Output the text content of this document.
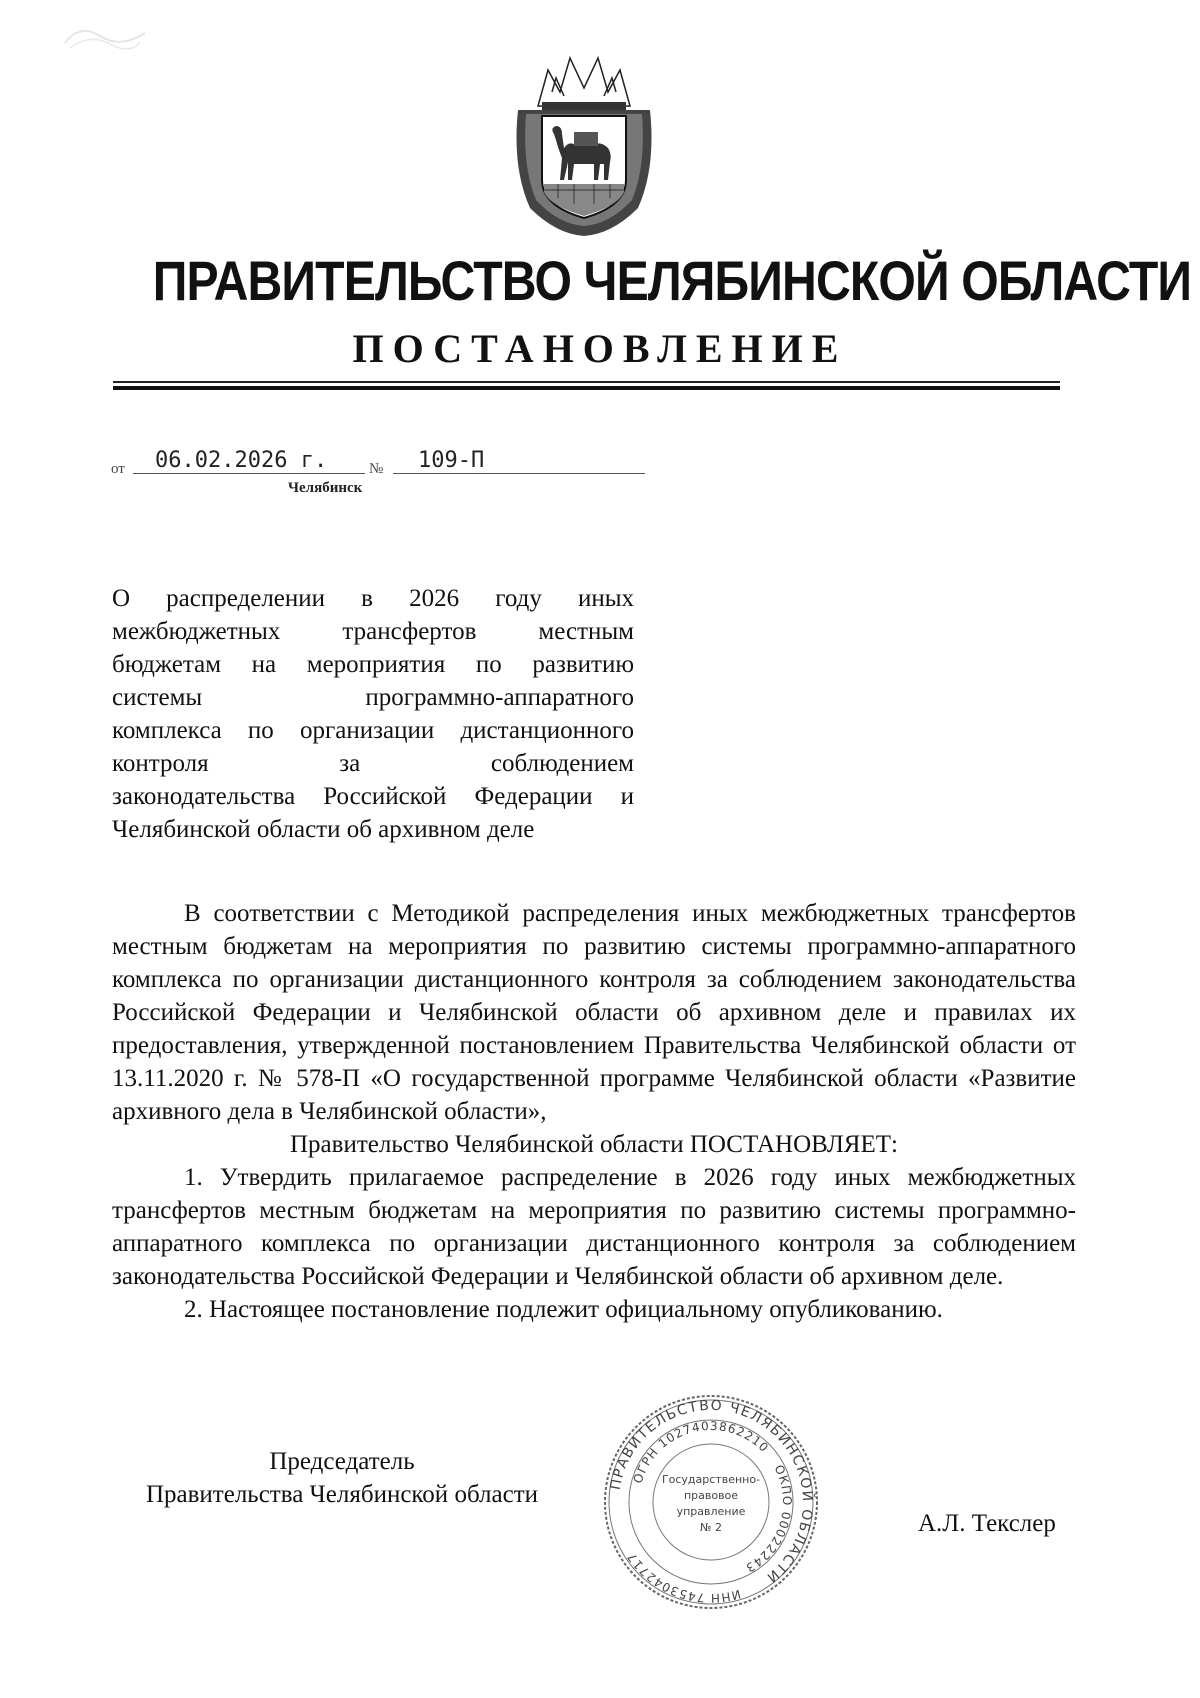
ПРАВИТЕЛЬСТВО ЧЕЛЯБИНСКОЙ ОБЛАСТИ
ПОСТАНОВЛЕНИЕ
от 06.02.2026 г.	№ 109-П
Челябинск
О распределении в 2026 году иных
межбюджетных трансфертов местным
бюджетам на мероприятия по развитию
системы программно-аппаратного
комплекса по организации дистанционного
контроля за соблюдением
законодательства Российской Федерации и
Челябинской области об архивном деле

В соответствии с Методикой распределения иных межбюджетных трансфертов местным бюджетам на мероприятия по развитию системы программно-аппаратного комплекса по организации дистанционного контроля за соблюдением законодательства Российской Федерации и Челябинской области об архивном деле и правилах их предоставления, утвержденной постановлением Правительства Челябинской области от 13.11.2020 г. № 578-П «О государственной программе Челябинской области «Развитие архивного дела в Челябинской области»,

Правительство Челябинской области ПОСТАНОВЛЯЕТ:

1. Утвердить прилагаемое распределение в 2026 году иных межбюджетных трансфертов местным бюджетам на мероприятия по развитию системы программно-аппаратного комплекса по организации дистанционного контроля за соблюдением законодательства Российской Федерации и Челябинской области об архивном деле.

2. Настоящее постановление подлежит официальному опубликованию.

Председатель
Правительства Челябинской области	ПРАВИТЕЛЬСТВО ЧЕЛЯБИНСКОЙ ОБЛАСТИ
ОГРН 1027403862210
ОКПО 00022243
ИНН 7453042717
Государственно-
правовое
управление
№ 2	А.Л. Текслер
